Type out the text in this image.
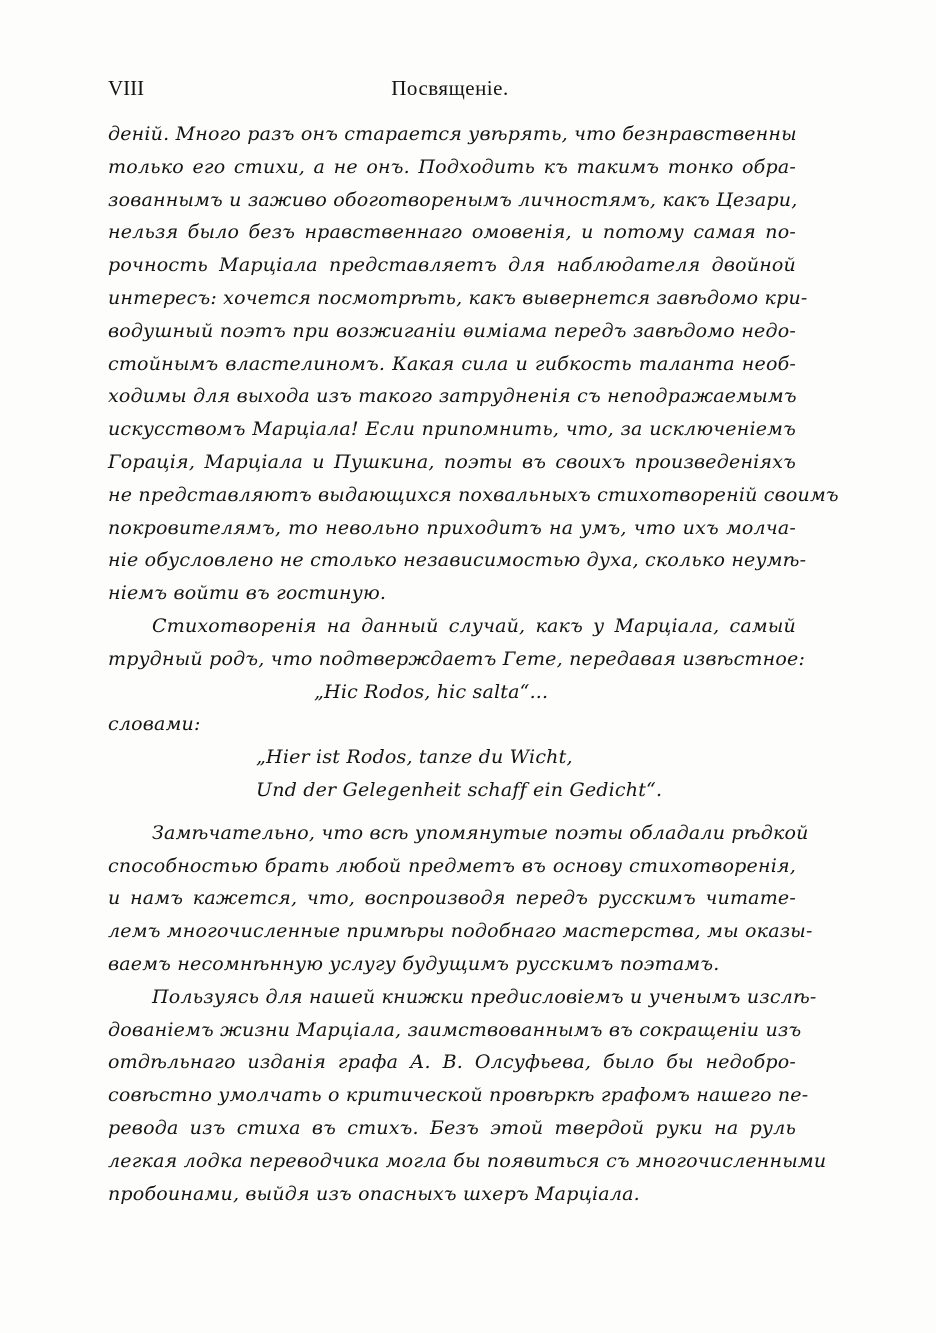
VIII	Посвященіе.
деній. Много разъ онъ старается увѣрять, что безнравственны
только его стихи, а не онъ. Подходить къ такимъ тонко обра-
зованнымъ и заживо обоготворенымъ личностямъ, какъ Цезари,
нельзя было безъ нравственнаго омовенія, и потому самая по-
рочность Марціала представляетъ для наблюдателя двойной
интересъ: хочется посмотрѣть, какъ вывернется завѣдомо кри-
водушный поэтъ при возжиганіи ѳиміама передъ завѣдомо недо-
стойнымъ властелиномъ. Какая сила и гибкость таланта необ-
ходимы для выхода изъ такого затрудненія съ неподражаемымъ
искусствомъ Марціала! Если припомнить, что, за исключеніемъ
Горація, Марціала и Пушкина, поэты въ своихъ произведеніяхъ
не представляютъ выдающихся похвальныхъ стихотвореній своимъ
покровителямъ, то невольно приходитъ на умъ, что ихъ молча-
ніе обусловлено не столько независимостью духа, сколько неумѣ-
ніемъ войти въ гостиную.
Стихотворенія на данный случай, какъ у Марціала, самый
трудный родъ, что подтверждаетъ Гете, передавая извѣстное:
„Hic Rodos, hic salta“...
словами:
„Hier ist Rodos, tanze du Wicht,
Und der Gelegenheit schaff ein Gedicht“.
Замѣчательно, что всѣ упомянутые поэты обладали рѣдкой
способностью брать любой предметъ въ основу стихотворенія,
и намъ кажется, что, воспроизводя передъ русскимъ читате-
лемъ многочисленные примѣры подобнаго мастерства, мы оказы-
ваемъ несомнѣнную услугу будущимъ русскимъ поэтамъ.
Пользуясь для нашей книжки предисловіемъ и ученымъ изслѣ-
дованіемъ жизни Марціала, заимствованнымъ въ сокращеніи изъ
отдѣльнаго изданія графа А. В. Олсуфьева, было бы недобро-
совѣстно умолчать о критической провѣркѣ графомъ нашего пе-
ревода изъ стиха въ стихъ. Безъ этой твердой руки на руль
легкая лодка переводчика могла бы появиться съ многочисленными
пробоинами, выйдя изъ опасныхъ шхеръ Марціала.
